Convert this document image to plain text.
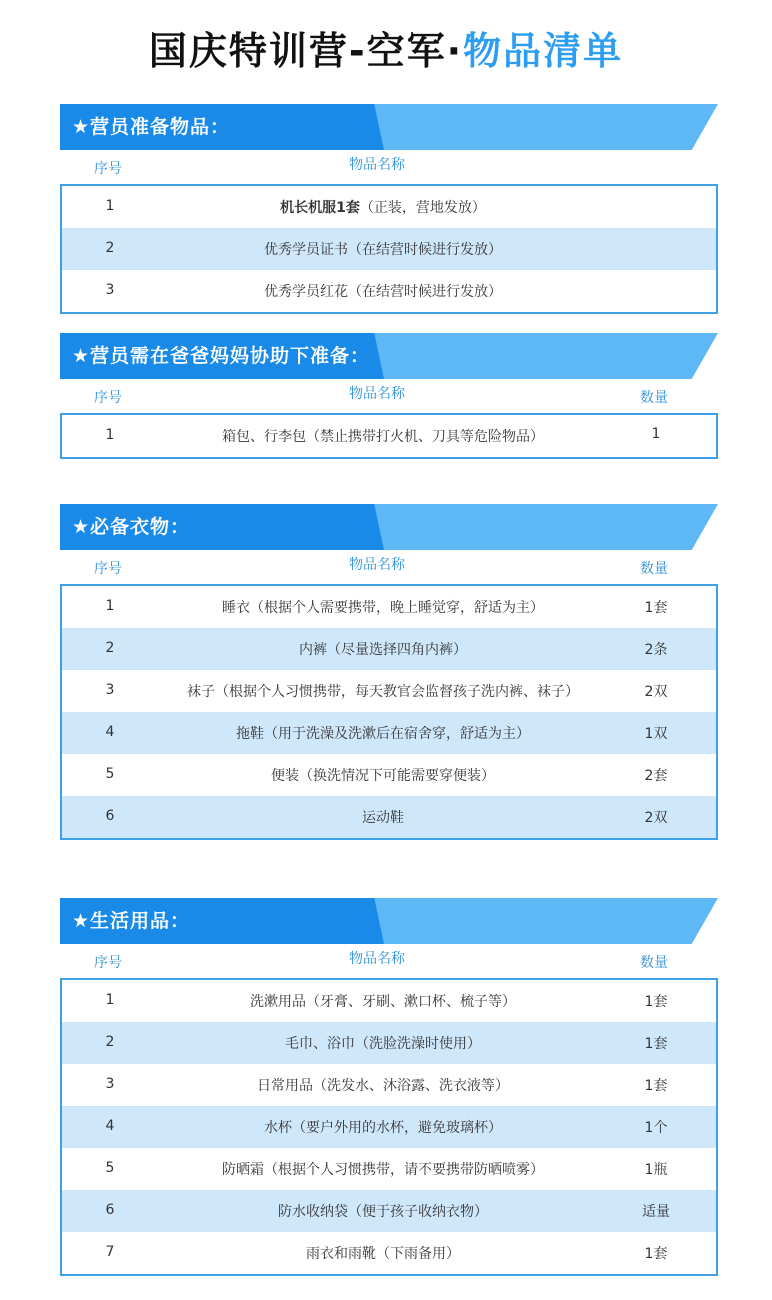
国庆特训营-空军·物品清单
★营员准备物品：
序号	物品名称
1	机长机服1套（正装，营地发放）
2	优秀学员证书（在结营时候进行发放）
3	优秀学员红花（在结营时候进行发放）
★营员需在爸爸妈妈协助下准备：
序号	物品名称	数量
1	箱包、行李包（禁止携带打火机、刀具等危险物品）	1
★必备衣物：
序号	物品名称	数量
1	睡衣（根据个人需要携带，晚上睡觉穿，舒适为主）	1套
2	内裤（尽量选择四角内裤）	2条
3	袜子（根据个人习惯携带，每天教官会监督孩子洗内裤、袜子）	2双
4	拖鞋（用于洗澡及洗漱后在宿舍穿，舒适为主）	1双
5	便装（换洗情况下可能需要穿便装）	2套
6	运动鞋	2双
★生活用品：
序号	物品名称	数量
1	洗漱用品（牙膏、牙刷、漱口杯、梳子等）	1套
2	毛巾、浴巾（洗脸洗澡时使用）	1套
3	日常用品（洗发水、沐浴露、洗衣液等）	1套
4	水杯（要户外用的水杯，避免玻璃杯）	1个
5	防晒霜（根据个人习惯携带，请不要携带防晒喷雾）	1瓶
6	防水收纳袋（便于孩子收纳衣物）	适量
7	雨衣和雨靴（下雨备用）	1套
